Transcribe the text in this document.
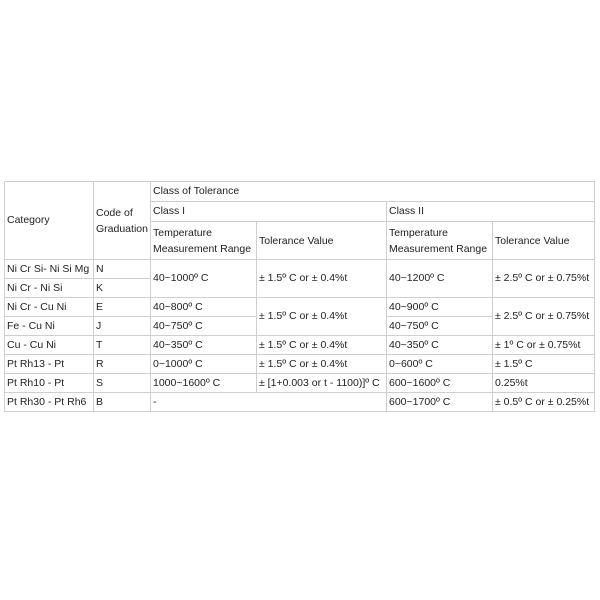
Category	Code of Graduation	Class of Tolerance			
		Class I		Class II	
		Temperature Measurement Range	Tolerance Value	Temperature Measurement Range	Tolerance Value
Ni Cr Si- Ni Si Mg	N	40~1000º C	± 1.5º C or ± 0.4%t	40~1200º C	± 2.5º C or ± 0.75%t
Ni Cr - Ni Si	K				
Ni Cr - Cu Ni	E	40~800º C	± 1.5º C or ± 0.4%t	40~900º C	± 2.5º C or ± 0.75%t
Fe - Cu Ni	J	40~750º C		40~750º C	
Cu - Cu Ni	T	40~350º C	± 1.5º C or ± 0.4%t	40~350º C	± 1º C or ± 0.75%t
Pt Rh13 - Pt	R	0~1000º C	± 1.5º C or ± 0.4%t	0~600º C	± 1.5º C
Pt Rh10 - Pt	S	1000~1600º C	± [1+0.003 or t - 1100)]º C	600~1600º C	0.25%t
Pt Rh30 - Pt Rh6	B	-		600~1700º C	± 0.5º C or ± 0.25%t
